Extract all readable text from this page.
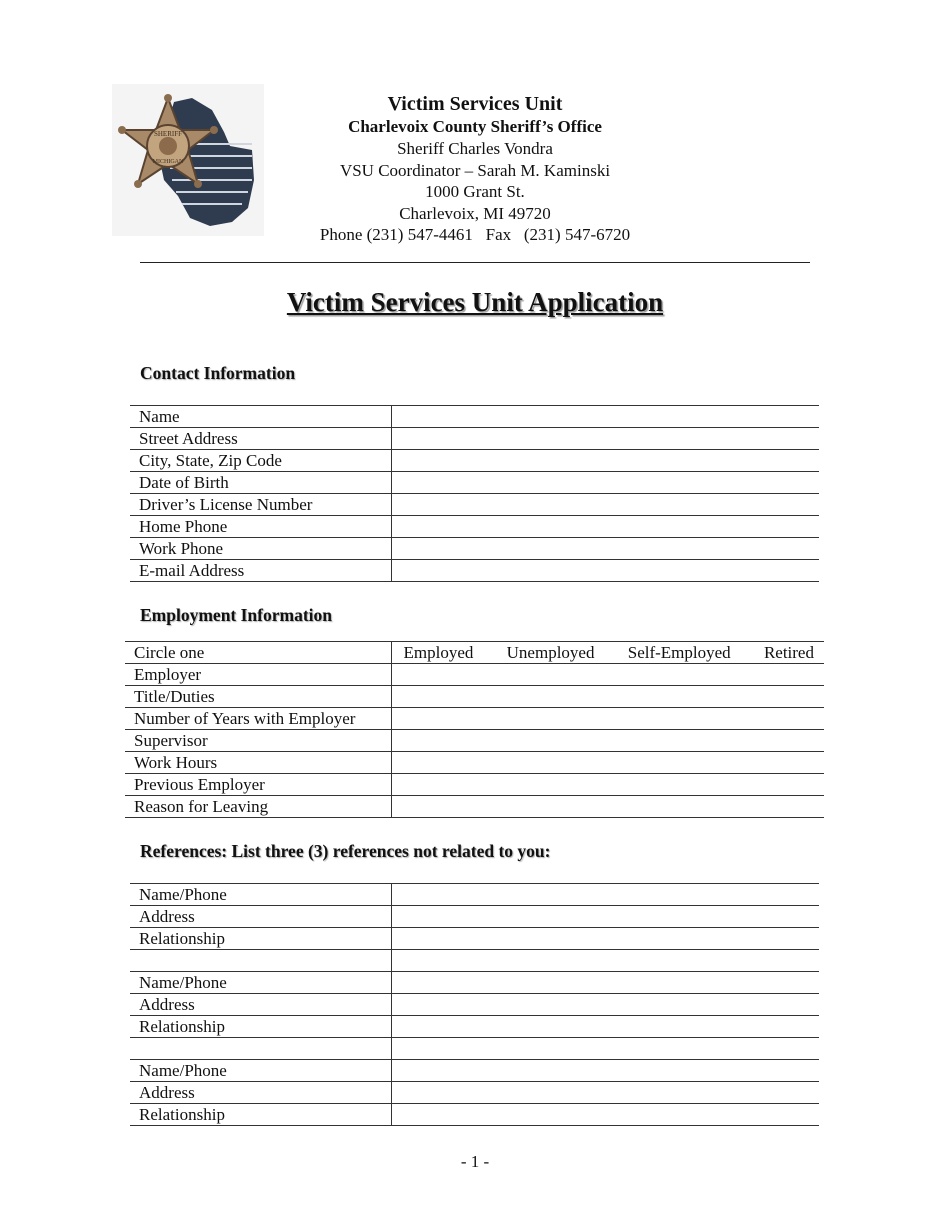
SHERIFF
MICHIGAN
Victim Services Unit
Charlevoix County Sheriff’s Office
Sheriff Charles Vondra
VSU Coordinator – Sarah M. Kaminski
1000 Grant St.
Charlevoix, MI 49720
Phone (231) 547-4461   Fax   (231) 547-6720
Victim Services Unit Application
Contact Information
Name	
Street Address	
City, State, Zip Code	
Date of Birth	
Driver’s License Number	
Home Phone	
Work Phone	
E-mail Address	
Employment Information
Circle one	Employed Unemployed Self-Employed Retired

Employer	
Title/Duties	
Number of Years with Employer	
Supervisor	
Work Hours	
Previous Employer	
Reason for Leaving	
References: List three (3) references not related to you:
Name/Phone	
Address	
Relationship	

Name/Phone	
Address	
Relationship	

Name/Phone	
Address	
Relationship	
- 1 -
